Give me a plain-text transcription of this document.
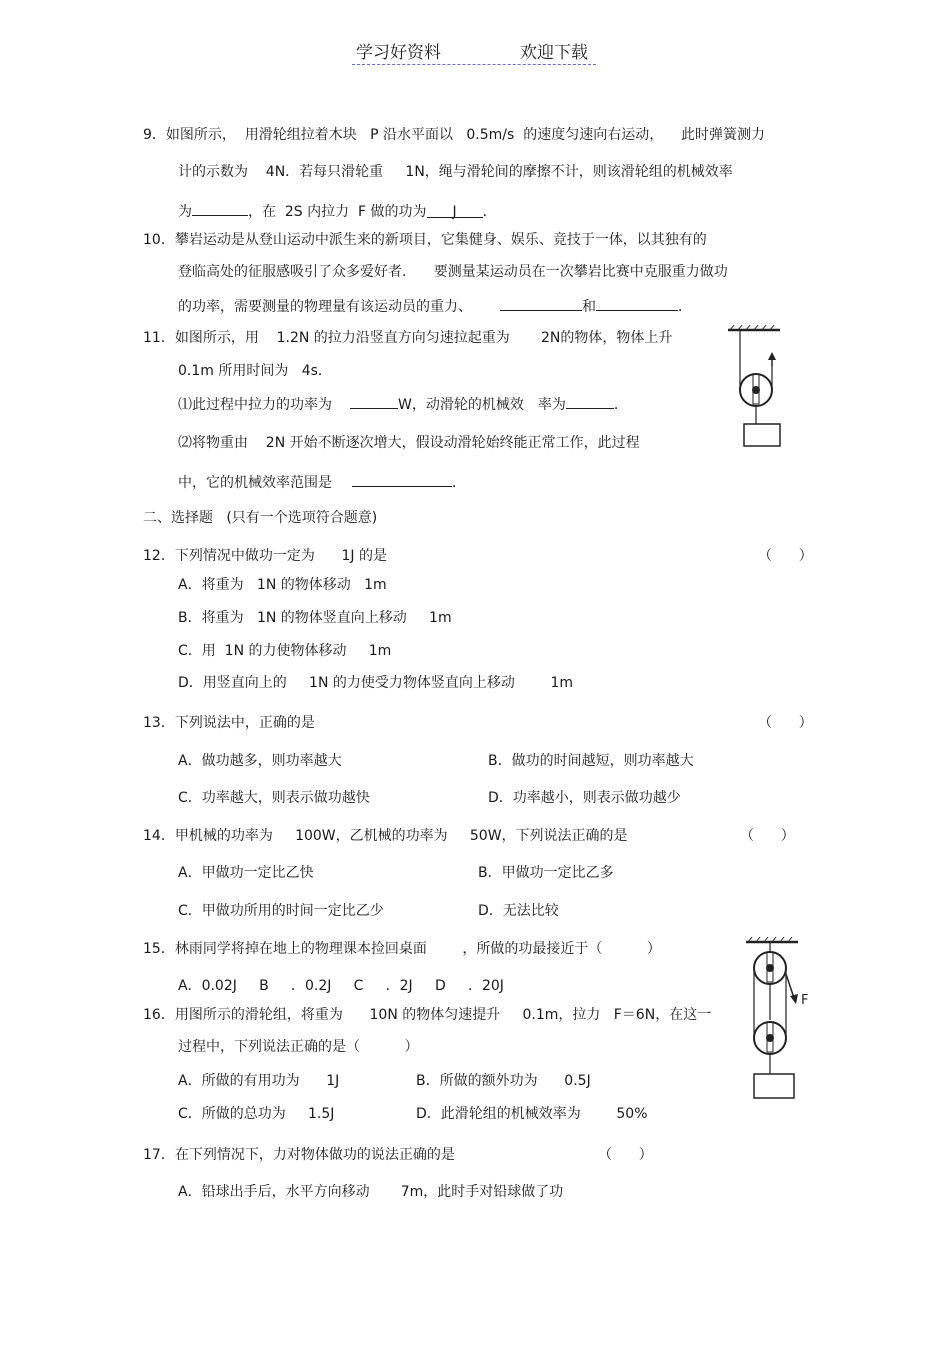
学习好资料	欢迎下载
9．如图所示，  用滑轮组拉着木块   P 沿水平面以   0.5m/s  的速度匀速向右运动，    此时弹簧测力
计的示数为    4N．若每只滑轮重     1N，绳与滑轮间的摩擦不计，则该滑轮组的机械效率
为	，在  2S 内拉力  F 做的功为 J ．
10．攀岩运动是从登山运动中派生来的新项目，它集健身、娱乐、竞技于一体，以其独有的
登临高处的征服感吸引了众多爱好者．    要测量某运动员在一次攀岩比赛中克服重力做功
的功率，需要测量的物理量有该运动员的重力、	和	．
11．如图所示，用    1.2N 的拉力沿竖直方向匀速拉起重为       2N的物体，物体上升
0.1m 所用时间为   4s．
⑴此过程中拉力的功率为	W，动滑轮的机械效 率为	．
⑵将物重由    2N 开始不断逐次增大，假设动滑轮始终能正常工作，此过程
中，它的机械效率范围是	．
二、选择题   (只有一个选项符合题意)
12．下列情况中做功一定为      1J 的是	（      ）
A．将重为   1N 的物体移动   1m
B．将重为   1N 的物体竖直向上移动     1m
C．用  1N 的力使物体移动     1m
D．用竖直向上的     1N 的力使受力物体竖直向上移动        1m
13．下列说法中，正确的是	（      ）
A．做功越多，则功率越大	B．做功的时间越短，则功率越大
C．功率越大，则表示做功越快	D．功率越小，则表示做功越少
14．甲机械的功率为     100W，乙机械的功率为     50W，下列说法正确的是	（      ）
A．甲做功一定比乙快	B．甲做功一定比乙多
C．甲做功所用的时间一定比乙少	D．无法比较
15．林雨同学将掉在地上的物理课本捡回桌面        ，所做的功最接近于（          ）
A．0.02J     B     ．0.2J     C     ．2J     D     ．20J
16．用图所示的滑轮组，将重为      10N 的物体匀速提升     0.1m，拉力   F＝6N，在这一
过程中，下列说法正确的是（          ）
A．所做的有用功为      1J	B．所做的额外功为      0.5J
C．所做的总功为     1.5J	D．此滑轮组的机械效率为        50%
F
17．在下列情况下，力对物体做功的说法正确的是	（      ）
A．铅球出手后，水平方向移动       7m，此时手对铅球做了功
